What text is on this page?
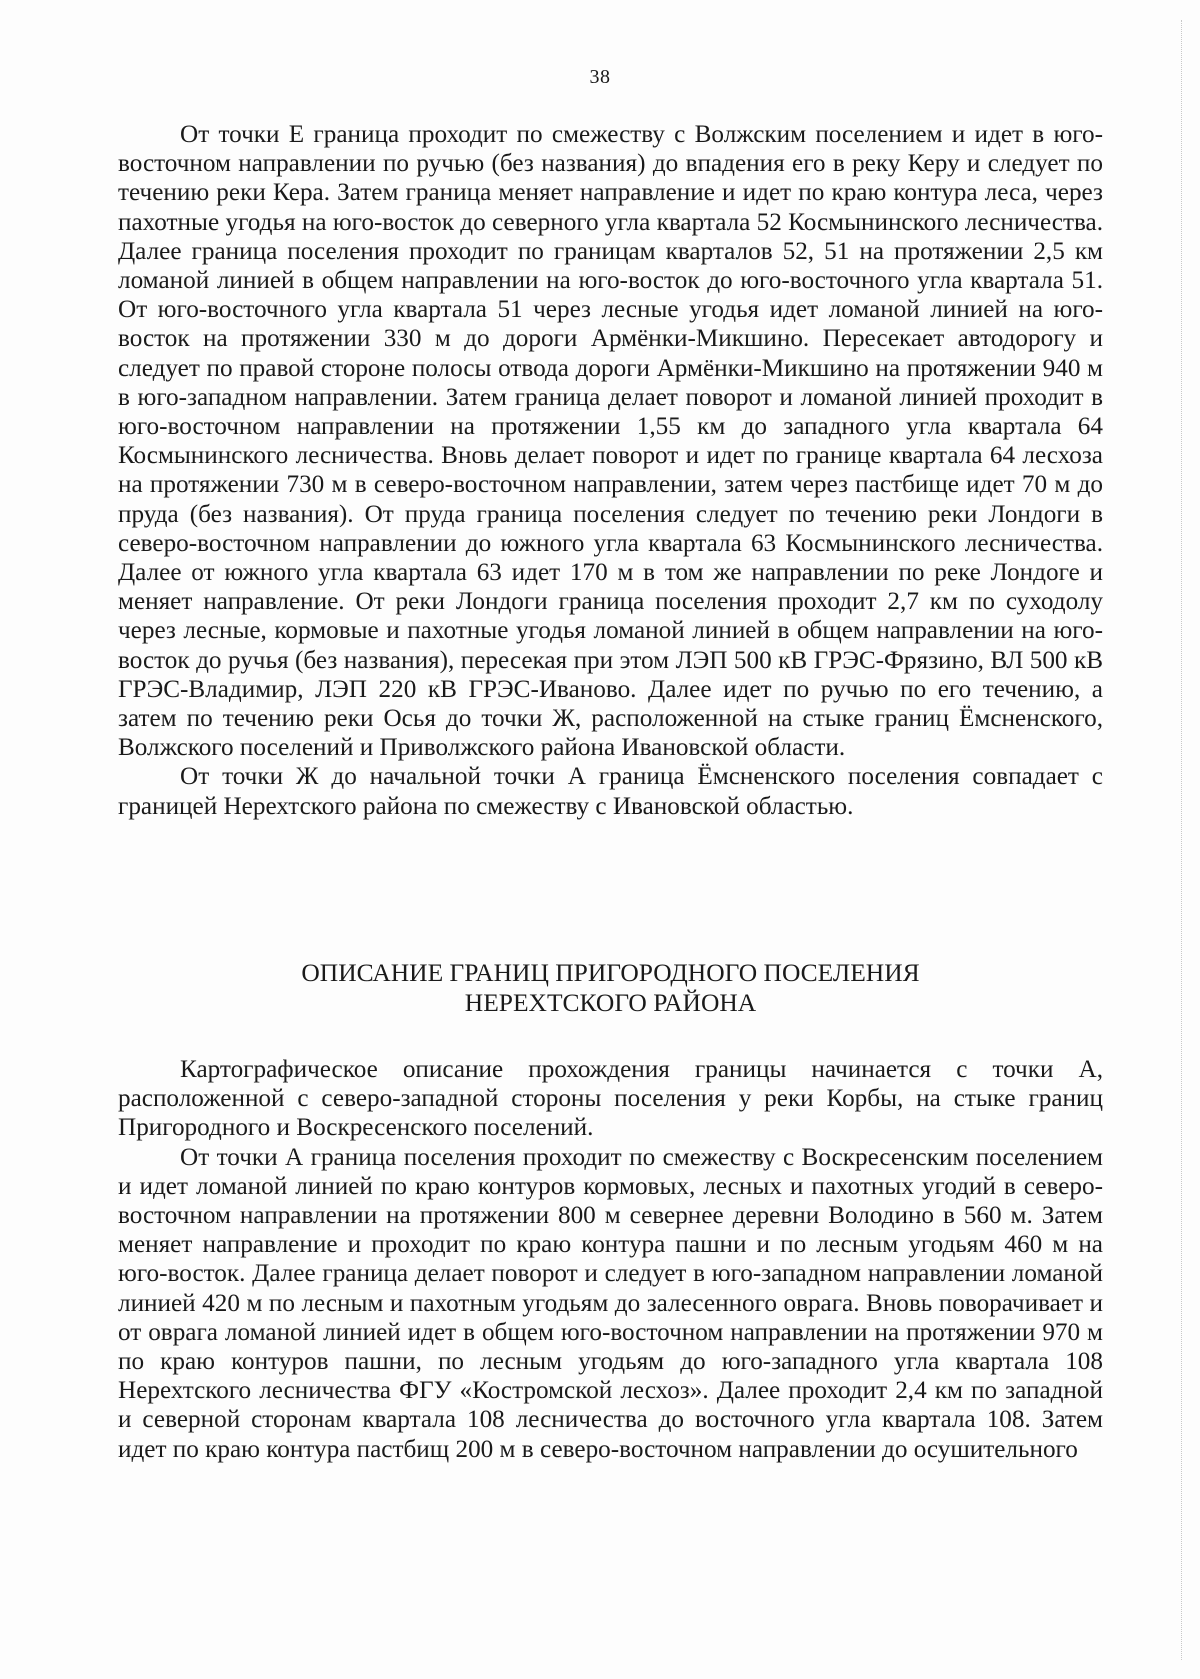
38

От точки Е граница проходит по смежеству с Волжским поселением и идет в юго-восточном направлении по ручью (без названия) до впадения его в реку Керу и следует по течению реки Кера. Затем граница меняет направление и идет по краю контура леса, через пахотные угодья на юго-восток до северного угла квартала 52 Космынинского лесничества. Далее граница поселения проходит по границам кварталов 52, 51 на протяжении 2,5 км ломаной линией в общем направлении на юго-восток до юго-восточного угла квартала 51. От юго-восточного угла квартала 51 через лесные угодья идет ломаной линией на юго-восток на протяжении 330 м до дороги Армёнки-Микшино. Пересекает автодорогу и следует по правой стороне полосы отвода дороги Армёнки-Микшино на протяжении 940 м в юго-западном направлении. Затем граница делает поворот и ломаной линией проходит в юго-восточном направлении на протяжении 1,55 км до западного угла квартала 64 Космынинского лесничества. Вновь делает поворот и идет по границе квартала 64 лесхоза на протяжении 730 м в северо-восточном направлении, затем через пастбище идет 70 м до пруда (без названия). От пруда граница поселения следует по течению реки Лондоги в северо-восточном направлении до южного угла квартала 63 Космынинского лесничества. Далее от южного угла квартала 63 идет 170 м в том же направлении по реке Лондоге и меняет направление. От реки Лондоги граница поселения проходит 2,7 км по суходолу через лесные, кормовые и пахотные угодья ломаной линией в общем направлении на юго-восток до ручья (без названия), пересекая при этом ЛЭП 500 кВ ГРЭС-Фрязино, ВЛ 500 кВ ГРЭС-Владимир, ЛЭП 220 кВ ГРЭС-Иваново. Далее идет по ручью по его течению, а затем по течению реки Осья до точки Ж, расположенной на стыке границ Ёмсненского, Волжского поселений и Приволжского района Ивановской области.

От точки Ж до начальной точки А граница Ёмсненского поселения совпадает с границей Нерехтского района по смежеству с Ивановской областью.

ОПИСАНИЕ ГРАНИЦ ПРИГОРОДНОГО ПОСЕЛЕНИЯ
НЕРЕХТСКОГО РАЙОНА

Картографическое описание прохождения границы начинается с точки А, расположенной с северо-западной стороны поселения у реки Корбы, на стыке границ Пригородного и Воскресенского поселений.

От точки А граница поселения проходит по смежеству с Воскресенским поселением и идет ломаной линией по краю контуров кормовых, лесных и пахотных угодий в северо-восточном направлении на протяжении 800 м севернее деревни Володино в 560 м. Затем меняет направление и проходит по краю контура пашни и по лесным угодьям 460 м на юго-восток. Далее граница делает поворот и следует в юго-западном направлении ломаной линией 420 м по лесным и пахотным угодьям до залесенного оврага. Вновь поворачивает и от оврага ломаной линией идет в общем юго-восточном направлении на протяжении 970 м по краю контуров пашни, по лесным угодьям до юго-западного угла квартала 108 Нерехтского лесничества ФГУ «Костромской лесхоз». Далее проходит 2,4 км по западной и северной сторонам квартала 108 лесничества до восточного угла квартала 108. Затем идет по краю контура пастбищ 200 м в северо-восточном направлении до осушительного
